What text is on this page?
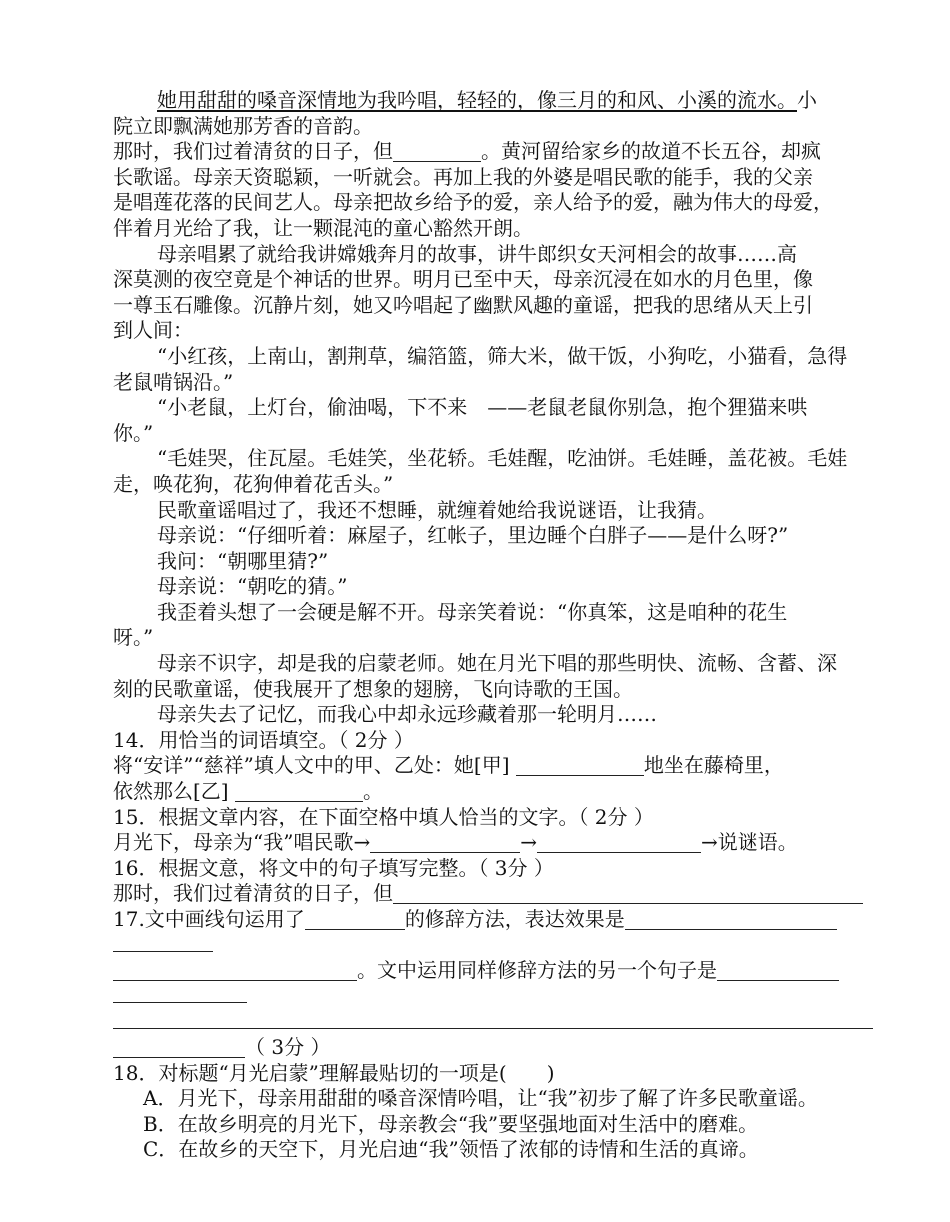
她用甜甜的嗓音深情地为我吟唱，轻轻的，像三月的和风、小溪的流水。小
院立即飘满她那芳香的音韵。
那时，我们过着清贫的日子，但	。黄河留给家乡的故道不长五谷，却疯
长歌谣。母亲天资聪颖，一听就会。再加上我的外婆是唱民歌的能手，我的父亲
是唱莲花落的民间艺人。母亲把故乡给予的爱，亲人给予的爱，融为伟大的母爱，
伴着月光给了我，让一颗混沌的童心豁然开朗。
母亲唱累了就给我讲嫦娥奔月的故事，讲牛郎织女天河相会的故事……高
深莫测的夜空竟是个神话的世界。明月已至中天，母亲沉浸在如水的月色里，像
一尊玉石雕像。沉静片刻，她又吟唱起了幽默风趣的童谣，把我的思绪从天上引
到人间：
“小红孩，上南山，割荆草，编箔篮，筛大米，做干饭，小狗吃，小猫看，急得
老鼠啃锅沿。”
“小老鼠，上灯台，偷油喝，下不来　——老鼠老鼠你别急，抱个狸猫来哄
你。”
“毛娃哭，住瓦屋。毛娃笑，坐花轿。毛娃醒，吃油饼。毛娃睡，盖花被。毛娃
走，唤花狗，花狗伸着花舌头。”
民歌童谣唱过了，我还不想睡，就缠着她给我说谜语，让我猜。
母亲说：“仔细听着：麻屋子，红帐子，里边睡个白胖子——是什么呀?”
我问：“朝哪里猜?”
母亲说：“朝吃的猜。”
我歪着头想了一会硬是解不开。母亲笑着说：“你真笨，这是咱种的花生
呀。”
母亲不识字，却是我的启蒙老师。她在月光下唱的那些明快、流畅、含蓄、深
刻的民歌童谣，使我展开了想象的翅膀，飞向诗歌的王国。
母亲失去了记忆，而我心中却永远珍藏着那一轮明月……
14．用恰当的词语填空。（ 2分 ）
将“安详”“慈祥”填人文中的甲、乙处：她[甲]	地坐在藤椅里，
依然那么[乙]	。
15．根据文章内容，在下面空格中填人恰当的文字。（ 2分 ）
月光下，母亲为“我”唱民歌→	→	→说谜语。
16．根据文意，将文中的句子填写完整。（ 3分 ）
那时，我们过着清贫的日子，但
17.文中画线句运用了	的修辞方法，表达效果是
。文中运用同样修辞方法的另一个句子是
（ 3分 ）
18．对标题“月光启蒙”理解最贴切的一项是(　　)
A．月光下，母亲用甜甜的嗓音深情吟唱，让“我”初步了解了许多民歌童谣。
B．在故乡明亮的月光下，母亲教会“我”要坚强地面对生活中的磨难。
C．在故乡的天空下，月光启迪“我”领悟了浓郁的诗情和生活的真谛。
